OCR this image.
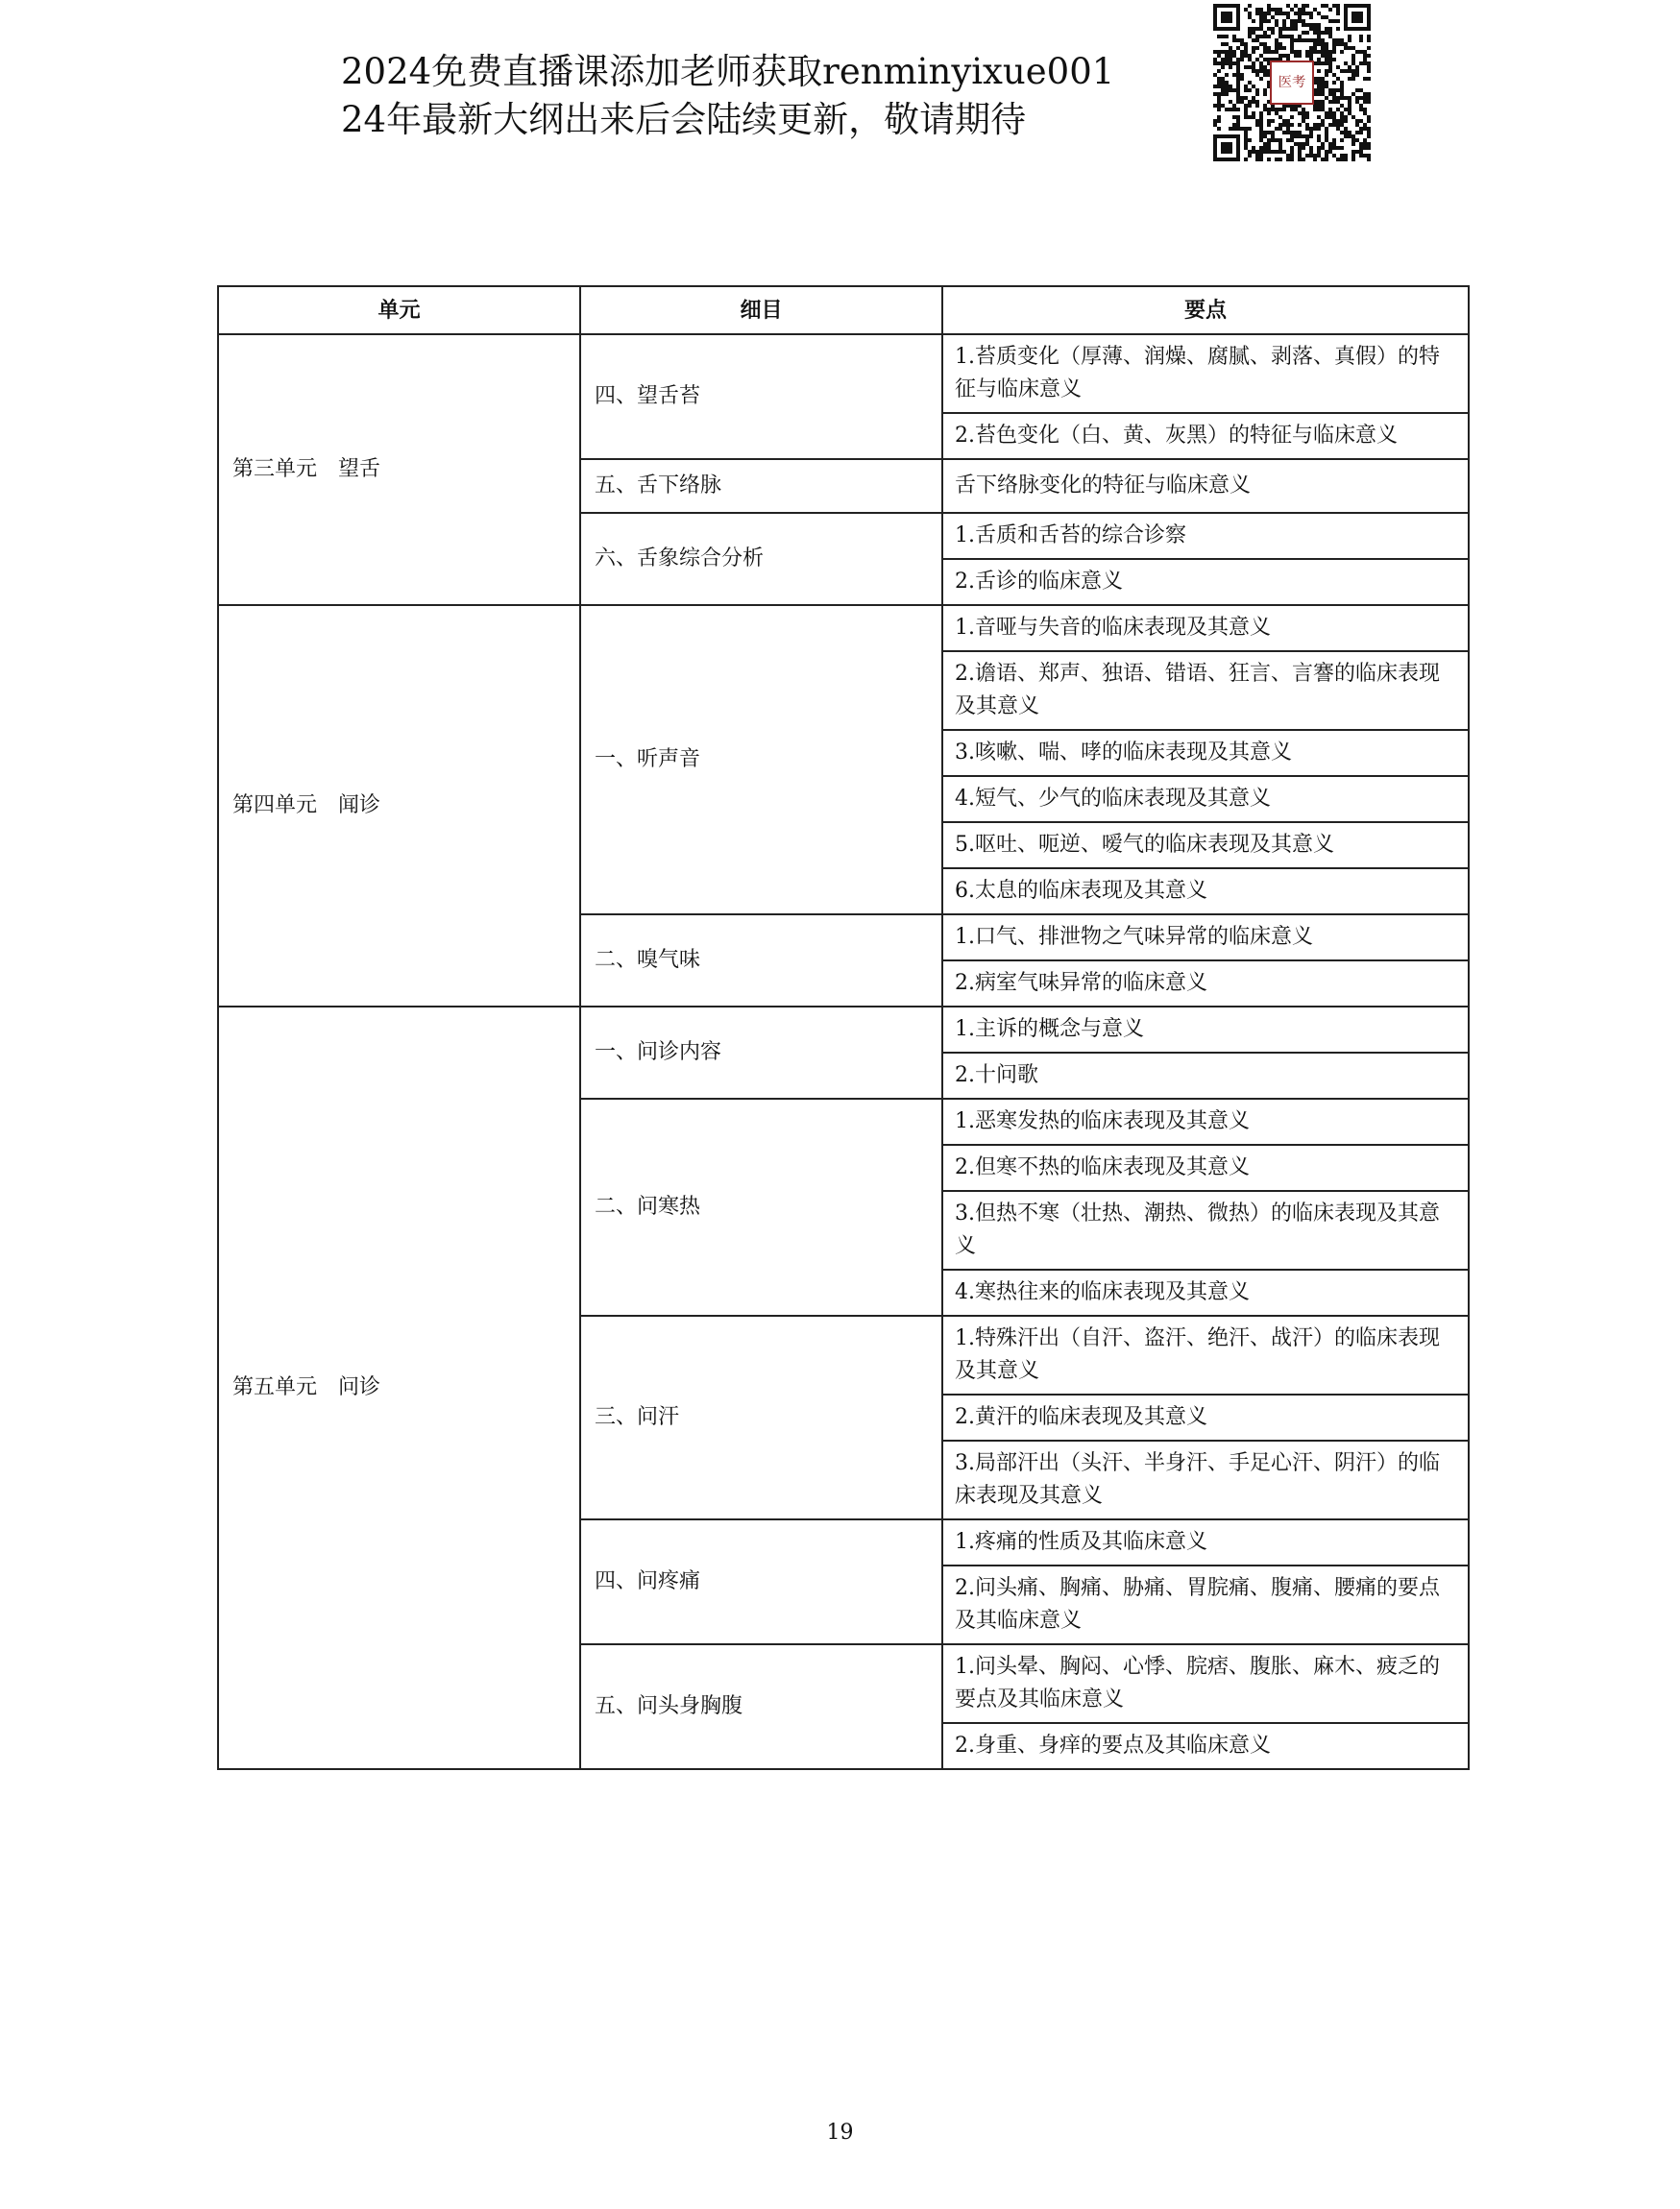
2024免费直播课添加老师获取renminyixue001
24年最新大纲出来后会陆续更新，敬请期待
医考
单元	细目	要点
第三单元　望舌	四、望舌苔	1.苔质变化（厚薄、润燥、腐腻、剥落、真假）的特征与临床意义
		2.苔色变化（白、黄、灰黑）的特征与临床意义
	五、舌下络脉	舌下络脉变化的特征与临床意义
	六、舌象综合分析	1.舌质和舌苔的综合诊察
		2.舌诊的临床意义
第四单元　闻诊	一、听声音	1.音哑与失音的临床表现及其意义
		2.谵语、郑声、独语、错语、狂言、言謇的临床表现及其意义
		3.咳嗽、喘、哮的临床表现及其意义
		4.短气、少气的临床表现及其意义
		5.呕吐、呃逆、嗳气的临床表现及其意义
		6.太息的临床表现及其意义
	二、嗅气味	1.口气、排泄物之气味异常的临床意义
		2.病室气味异常的临床意义
第五单元　问诊	一、问诊内容	1.主诉的概念与意义
		2.十问歌
	二、问寒热	1.恶寒发热的临床表现及其意义
		2.但寒不热的临床表现及其意义
		3.但热不寒（壮热、潮热、微热）的临床表现及其意义
		4.寒热往来的临床表现及其意义
	三、问汗	1.特殊汗出（自汗、盗汗、绝汗、战汗）的临床表现及其意义
		2.黄汗的临床表现及其意义
		3.局部汗出（头汗、半身汗、手足心汗、阴汗）的临床表现及其意义
	四、问疼痛	1.疼痛的性质及其临床意义
		2.问头痛、胸痛、胁痛、胃脘痛、腹痛、腰痛的要点及其临床意义
	五、问头身胸腹	1.问头晕、胸闷、心悸、脘痞、腹胀、麻木、疲乏的要点及其临床意义
		2.身重、身痒的要点及其临床意义
19
